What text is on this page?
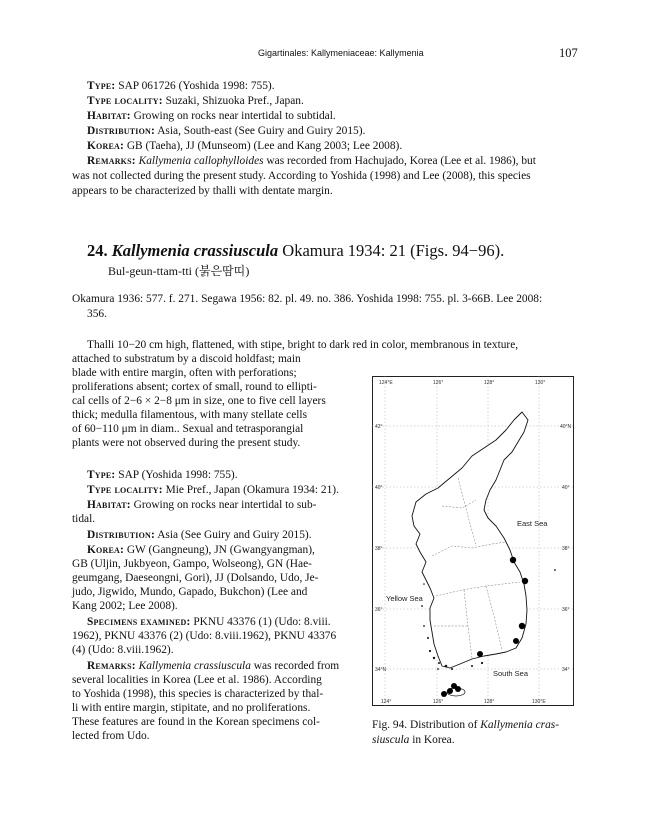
Gigartinales: Kallymeniaceae: Kallymenia	107
Type: SAP 061726 (Yoshida 1998: 755).
Type locality: Suzaki, Shizuoka Pref., Japan.
Habitat: Growing on rocks near intertidal to subtidal.
Distribution: Asia, South-east (See Guiry and Guiry 2015).
Korea: GB (Taeha), JJ (Munseom) (Lee and Kang 2003; Lee 2008).
Remarks: Kallymenia callophylloides was recorded from Hachujado, Korea (Lee et al. 1986), but
was not collected during the present study. According to Yoshida (1998) and Lee (2008), this species
appears to be characterized by thalli with dentate margin.
24. Kallymenia crassiuscula Okamura 1934: 21 (Figs. 94−96).
Bul-geun-ttam-tti (붉은땀띠)
Okamura 1936: 577. f. 271. Segawa 1956: 82. pl. 49. no. 386. Yoshida 1998: 755. pl. 3-66B. Lee 2008:
356.
Thalli 10−20 cm high, flattened, with stipe, bright to dark red in color, membranous in texture,
attached to substratum by a discoid holdfast; main
blade with entire margin, often with perforations;
proliferations absent; cortex of small, round to ellipti-
cal cells of 2−6 × 2−8 μm in size, one to five cell layers
thick; medulla filamentous, with many stellate cells
of 60−110 μm in diam.. Sexual and tetrasporangial
plants were not observed during the present study.
Type: SAP (Yoshida 1998: 755).
Type locality: Mie Pref., Japan (Okamura 1934: 21).
Habitat: Growing on rocks near intertidal to sub-
tidal.
Distribution: Asia (See Guiry and Guiry 2015).
Korea: GW (Gangneung), JN (Gwangyangman),
GB (Uljin, Jukbyeon, Gampo, Wolseong), GN (Hae-
geumgang, Daeseongni, Gori), JJ (Dolsando, Udo, Je-
judo, Jigwido, Mundo, Gapado, Bukchon) (Lee and
Kang 2002; Lee 2008).
Specimens examined: PKNU 43376 (1) (Udo: 8.viii.
1962), PKNU 43376 (2) (Udo: 8.viii.1962), PKNU 43376
(4) (Udo: 8.viii.1962).
Remarks: Kallymenia crassiuscula was recorded from
several localities in Korea (Lee et al. 1986). According
to Yoshida (1998), this species is characterized by thal-
li with entire margin, stipitate, and no proliferations.
These features are found in the Korean specimens col-
lected from Udo.
124°E	126°	128°	130°
124°	126°	128°	130°E
42°
40°
38°
36°
34°N
40°N
40°
38°
36°
34°
East Sea
Yellow Sea
South Sea
Fig. 94. Distribution of Kallymenia cras-
siuscula in Korea.
